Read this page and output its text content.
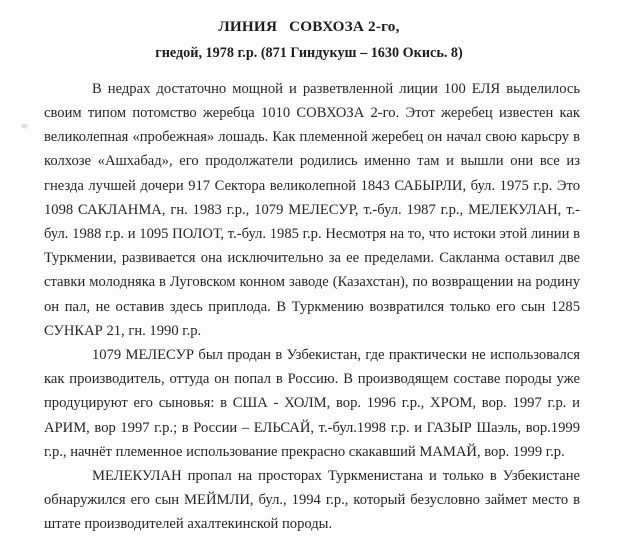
ЛИНИЯ   СОВХОЗА 2-го,
гнедой, 1978 г.р. (871 Гиндукуш – 1630 Окись. 8)

В недрах достаточно мощной и разветвленной лиции 100 ЕЛЯ выделилось своим типом потомство жеребца 1010 СОВХОЗА 2-го. Этот жеребец известен как великолепная «пробежная» лошадь. Как племенной жеребец он начал свою карьсру в колхозе «Ашхабад», его продолжатели родились именно там и вышли они все из гнезда лучшей дочери 917 Сектора великолепной 1843 САБЫРЛИ, бул. 1975 г.р. Это 1098 САКЛАНМА, гн. 1983 г.р., 1079 МЕЛЕСУР, т.-бул. 1987 г.р., МЕЛЕКУЛАН, т.-бул. 1988 г.р. и 1095 ПОЛОТ, т.-бул. 1985 г.р. Несмотря на то, что истоки этой линии в Туркмении, развивается она исключительно за ее пределами. Сакланма оставил две ставки молодняка в Луговском конном заводе (Казахстан), по возвращении на родину он пал, не оставив здесь приплода. В Туркмению возвратился только его сын 1285 СУНКАР 21, гн. 1990 г.р.

1079 МЕЛЕСУР был продан в Узбекистан, где практически не использовался как производитель, оттуда он попал в Россию. В производящем составе породы уже продуцируют его сыновья: в США - ХОЛМ, вор. 1996 г.р., ХРОМ, вор. 1997 г.р. и АРИМ, вор 1997 г.р.; в России – ЕЛЬСАЙ, т.-бул.1998 г.р. и ГАЗЫР Шаэль, вор.1999 г.р., начнёт племенное использование прекрасно скакавший МАМАЙ, вор. 1999 г.р.

МЕЛЕКУЛАН пропал на просторах Туркменистана и только в Узбекистане обнаружился его сын МЕЙМЛИ, бул., 1994 г.р., который безусловно займет место в штате производителей ахалтекинской породы.
